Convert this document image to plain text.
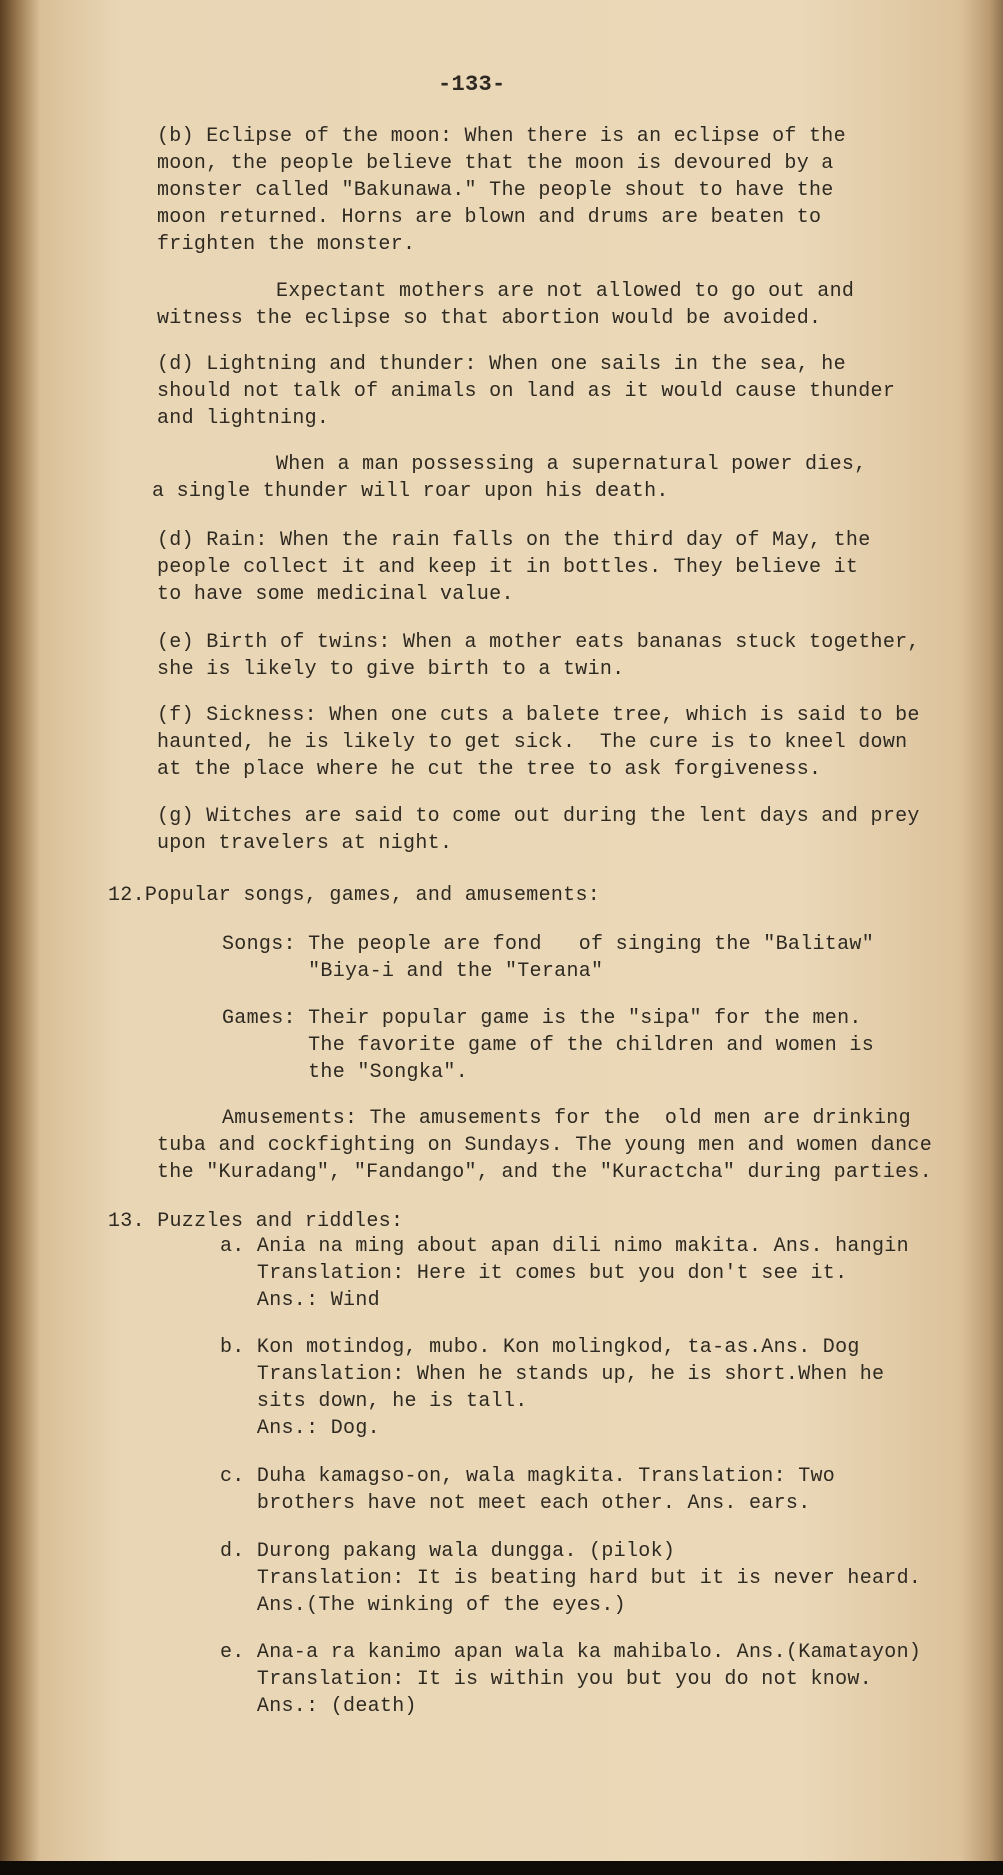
-133-
(b) Eclipse of the moon: When there is an eclipse of the
moon, the people believe that the moon is devoured by a
monster called "Bakunawa." The people shout to have the
moon returned. Horns are blown and drums are beaten to
frighten the monster.
Expectant mothers are not allowed to go out and
witness the eclipse so that abortion would be avoided.
(d) Lightning and thunder: When one sails in the sea, he
should not talk of animals on land as it would cause thunder
and lightning.
When a man possessing a supernatural power dies,
a single thunder will roar upon his death.
(d) Rain: When the rain falls on the third day of May, the
people collect it and keep it in bottles. They believe it
to have some medicinal value.
(e) Birth of twins: When a mother eats bananas stuck together,
she is likely to give birth to a twin.
(f) Sickness: When one cuts a balete tree, which is said to be
haunted, he is likely to get sick.  The cure is to kneel down
at the place where he cut the tree to ask forgiveness.
(g) Witches are said to come out during the lent days and prey
upon travelers at night.
12.Popular songs, games, and amusements:
Songs: The people are fond   of singing the "Balitaw"
"Biya-i and the "Terana"
Games: Their popular game is the "sipa" for the men.
The favorite game of the children and women is
the "Songka".
Amusements: The amusements for the  old men are drinking
tuba and cockfighting on Sundays. The young men and women dance
the "Kuradang", "Fandango", and the "Kuractcha" during parties.
13. Puzzles and riddles:
a. Ania na ming about apan dili nimo makita. Ans. hangin
Translation: Here it comes but you don't see it.
Ans.: Wind
b. Kon motindog, mubo. Kon molingkod, ta-as.Ans. Dog
Translation: When he stands up, he is short.When he
sits down, he is tall.
Ans.: Dog.
c. Duha kamagso-on, wala magkita. Translation: Two
brothers have not meet each other. Ans. ears.
d. Durong pakang wala dungga. (pilok)
Translation: It is beating hard but it is never heard.
Ans.(The winking of the eyes.)
e. Ana-a ra kanimo apan wala ka mahibalo. Ans.(Kamatayon)
Translation: It is within you but you do not know.
Ans.: (death)
